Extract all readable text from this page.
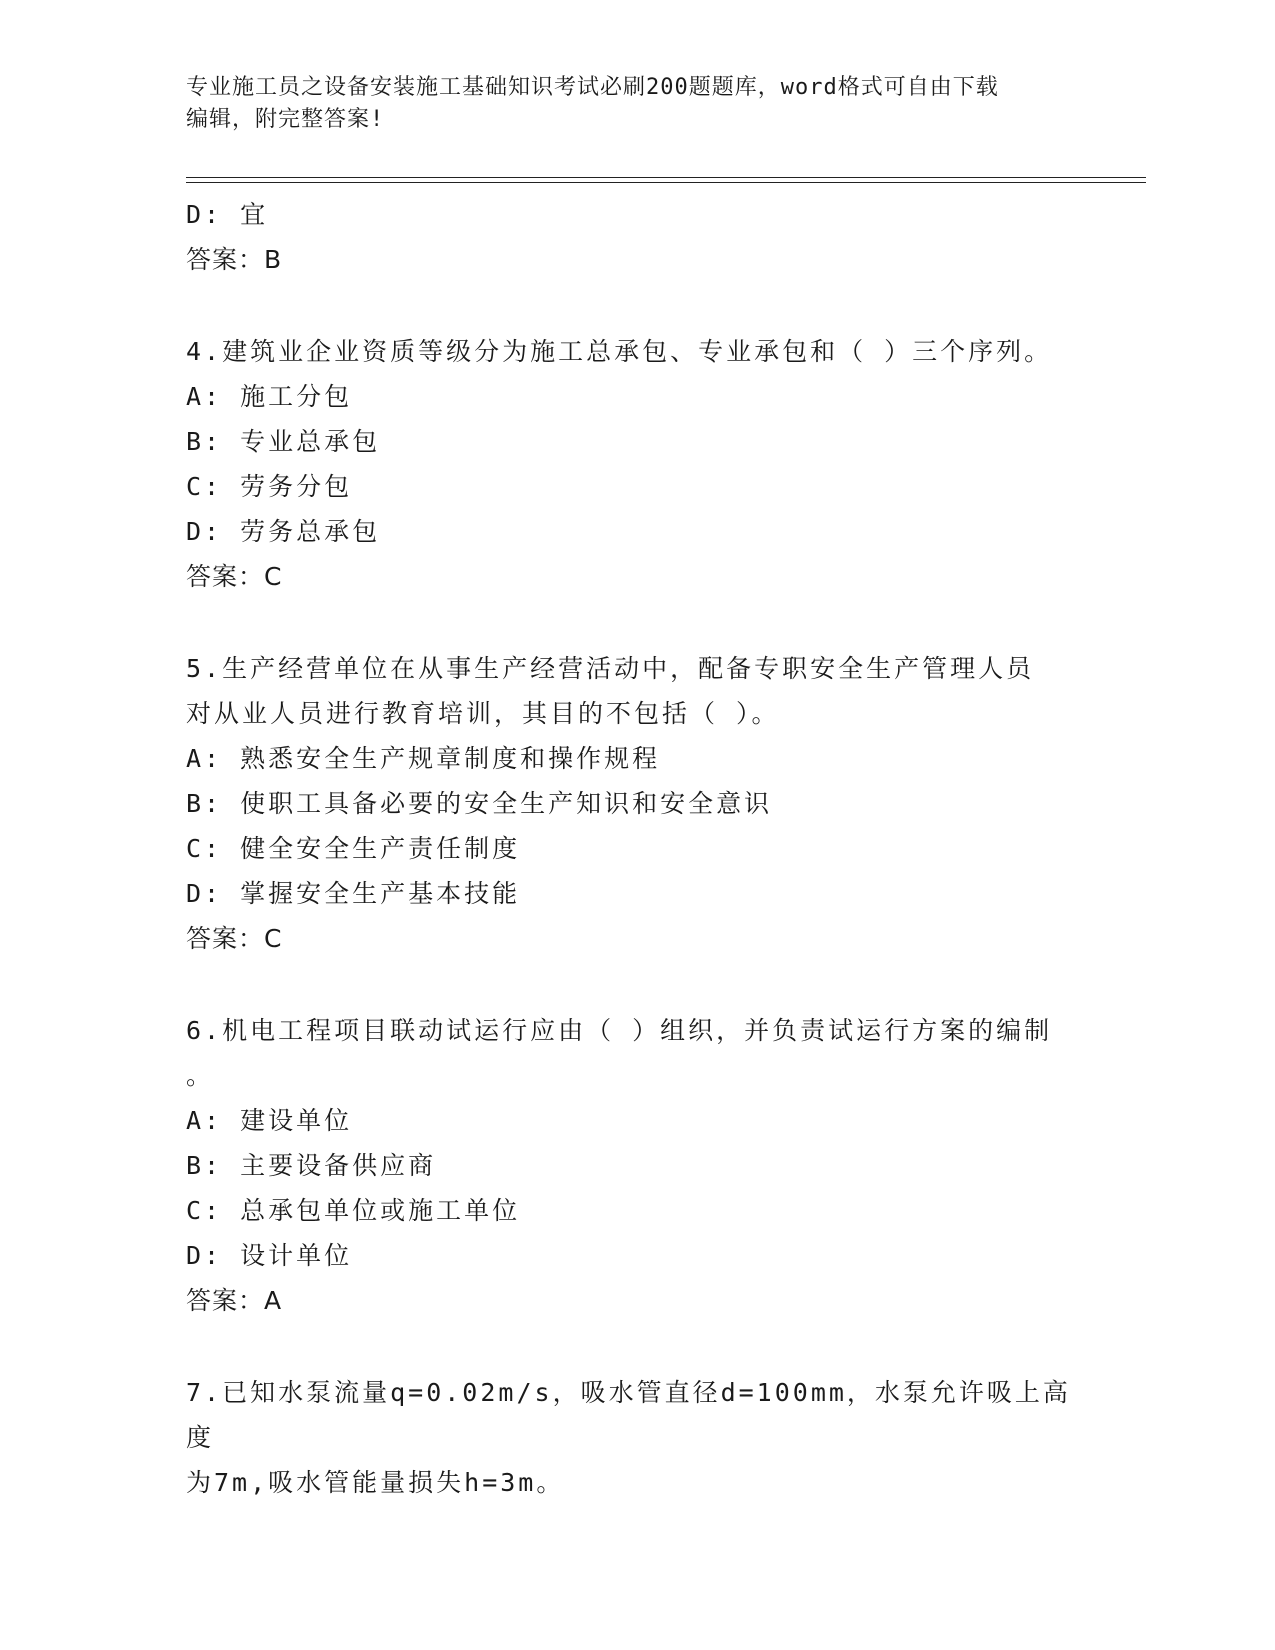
专业施工员之设备安装施工基础知识考试必刷200题题库，word格式可自由下载
编辑，附完整答案!
D: 宜
答案：B
4.建筑业企业资质等级分为施工总承包、专业承包和（ ）三个序列。
A: 施工分包
B: 专业总承包
C: 劳务分包
D: 劳务总承包
答案：C
5.生产经营单位在从事生产经营活动中，配备专职安全生产管理人员
对从业人员进行教育培训，其目的不包括（ ）。
A: 熟悉安全生产规章制度和操作规程
B: 使职工具备必要的安全生产知识和安全意识
C: 健全安全生产责任制度
D: 掌握安全生产基本技能
答案：C
6.机电工程项目联动试运行应由（ ）组织，并负责试运行方案的编制
。
A: 建设单位
B: 主要设备供应商
C: 总承包单位或施工单位
D: 设计单位
答案：A
7.已知水泵流量q=0.02m/s，吸水管直径d=100mm，水泵允许吸上高度
为7m,吸水管能量损失h=3m。
